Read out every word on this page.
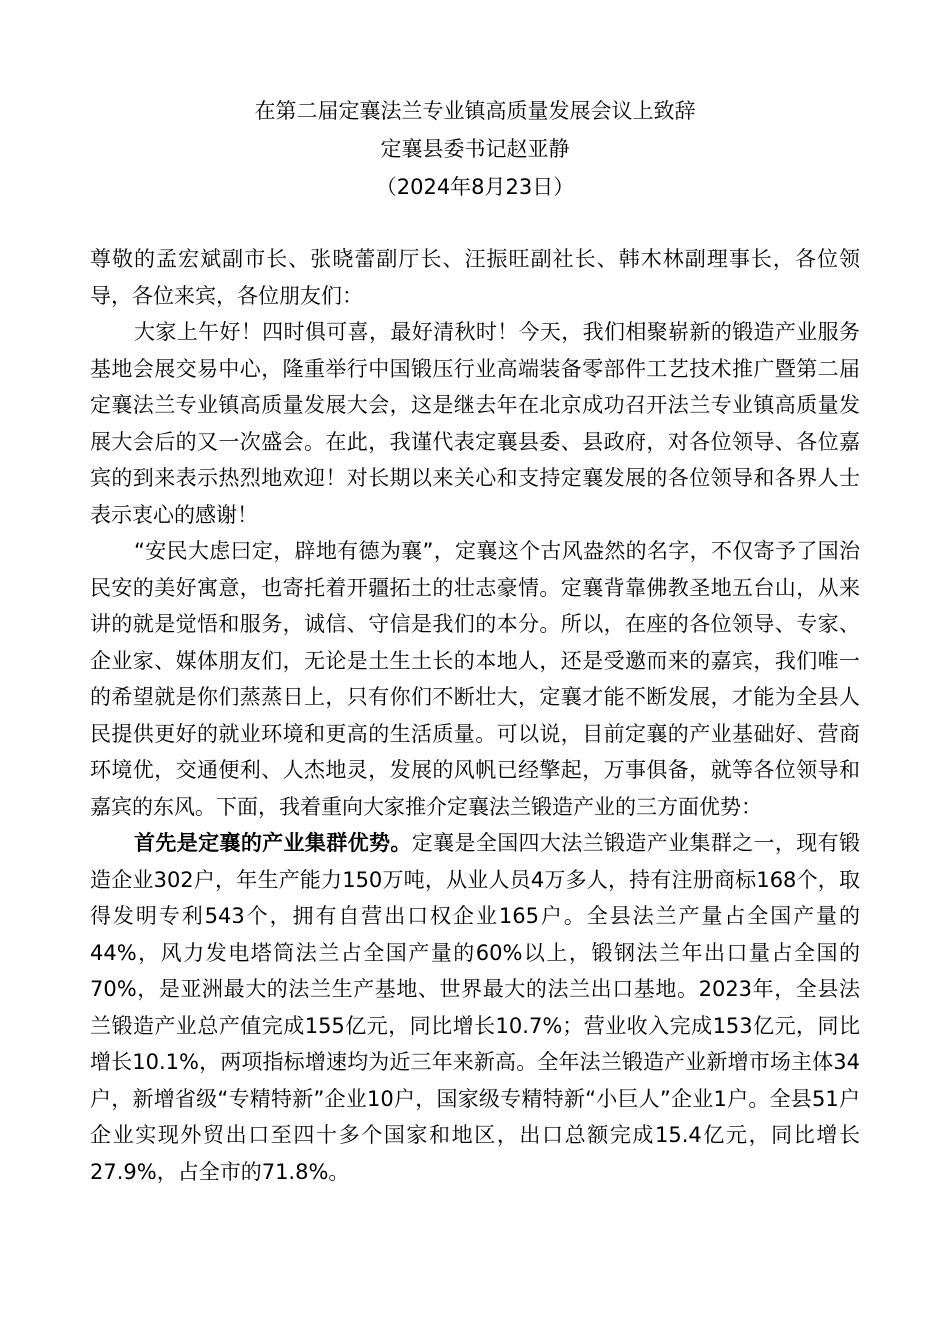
在第二届定襄法兰专业镇高质量发展会议上致辞
定襄县委书记赵亚静
（2024年8月23日）

尊敬的孟宏斌副市长、张晓蕾副厅长、汪振旺副社长、韩木林副理事长，各位领导，各位来宾，各位朋友们：

大家上午好！四时俱可喜，最好清秋时！今天，我们相聚崭新的锻造产业服务基地会展交易中心，隆重举行中国锻压行业高端装备零部件工艺技术推广暨第二届定襄法兰专业镇高质量发展大会，这是继去年在北京成功召开法兰专业镇高质量发展大会后的又一次盛会。在此，我谨代表定襄县委、县政府，对各位领导、各位嘉宾的到来表示热烈地欢迎！对长期以来关心和支持定襄发展的各位领导和各界人士表示衷心的感谢！

“安民大虑曰定，辟地有德为襄”，定襄这个古风盎然的名字，不仅寄予了国治民安的美好寓意，也寄托着开疆拓土的壮志豪情。定襄背靠佛教圣地五台山，从来讲的就是觉悟和服务，诚信、守信是我们的本分。所以，在座的各位领导、专家、企业家、媒体朋友们，无论是土生土长的本地人，还是受邀而来的嘉宾，我们唯一的希望就是你们蒸蒸日上，只有你们不断壮大，定襄才能不断发展，才能为全县人民提供更好的就业环境和更高的生活质量。可以说，目前定襄的产业基础好、营商环境优，交通便利、人杰地灵，发展的风帆已经擎起，万事俱备，就等各位领导和嘉宾的东风。下面，我着重向大家推介定襄法兰锻造产业的三方面优势：

首先是定襄的产业集群优势。定襄是全国四大法兰锻造产业集群之一，现有锻造企业302户，年生产能力150万吨，从业人员4万多人，持有注册商标168个，取得发明专利543个，拥有自营出口权企业165户。全县法兰产量占全国产量的44%，风力发电塔筒法兰占全国产量的60%以上，锻钢法兰年出口量占全国的70%，是亚洲最大的法兰生产基地、世界最大的法兰出口基地。2023年，全县法兰锻造产业总产值完成155亿元，同比增长10.7%；营业收入完成153亿元，同比增长10.1%，两项指标增速均为近三年来新高。全年法兰锻造产业新增市场主体34户，新增省级“专精特新”企业10户，国家级专精特新“小巨人”企业1户。全县51户企业实现外贸出口至四十多个国家和地区，出口总额完成15.4亿元，同比增长27.9%，占全市的71.8%。
